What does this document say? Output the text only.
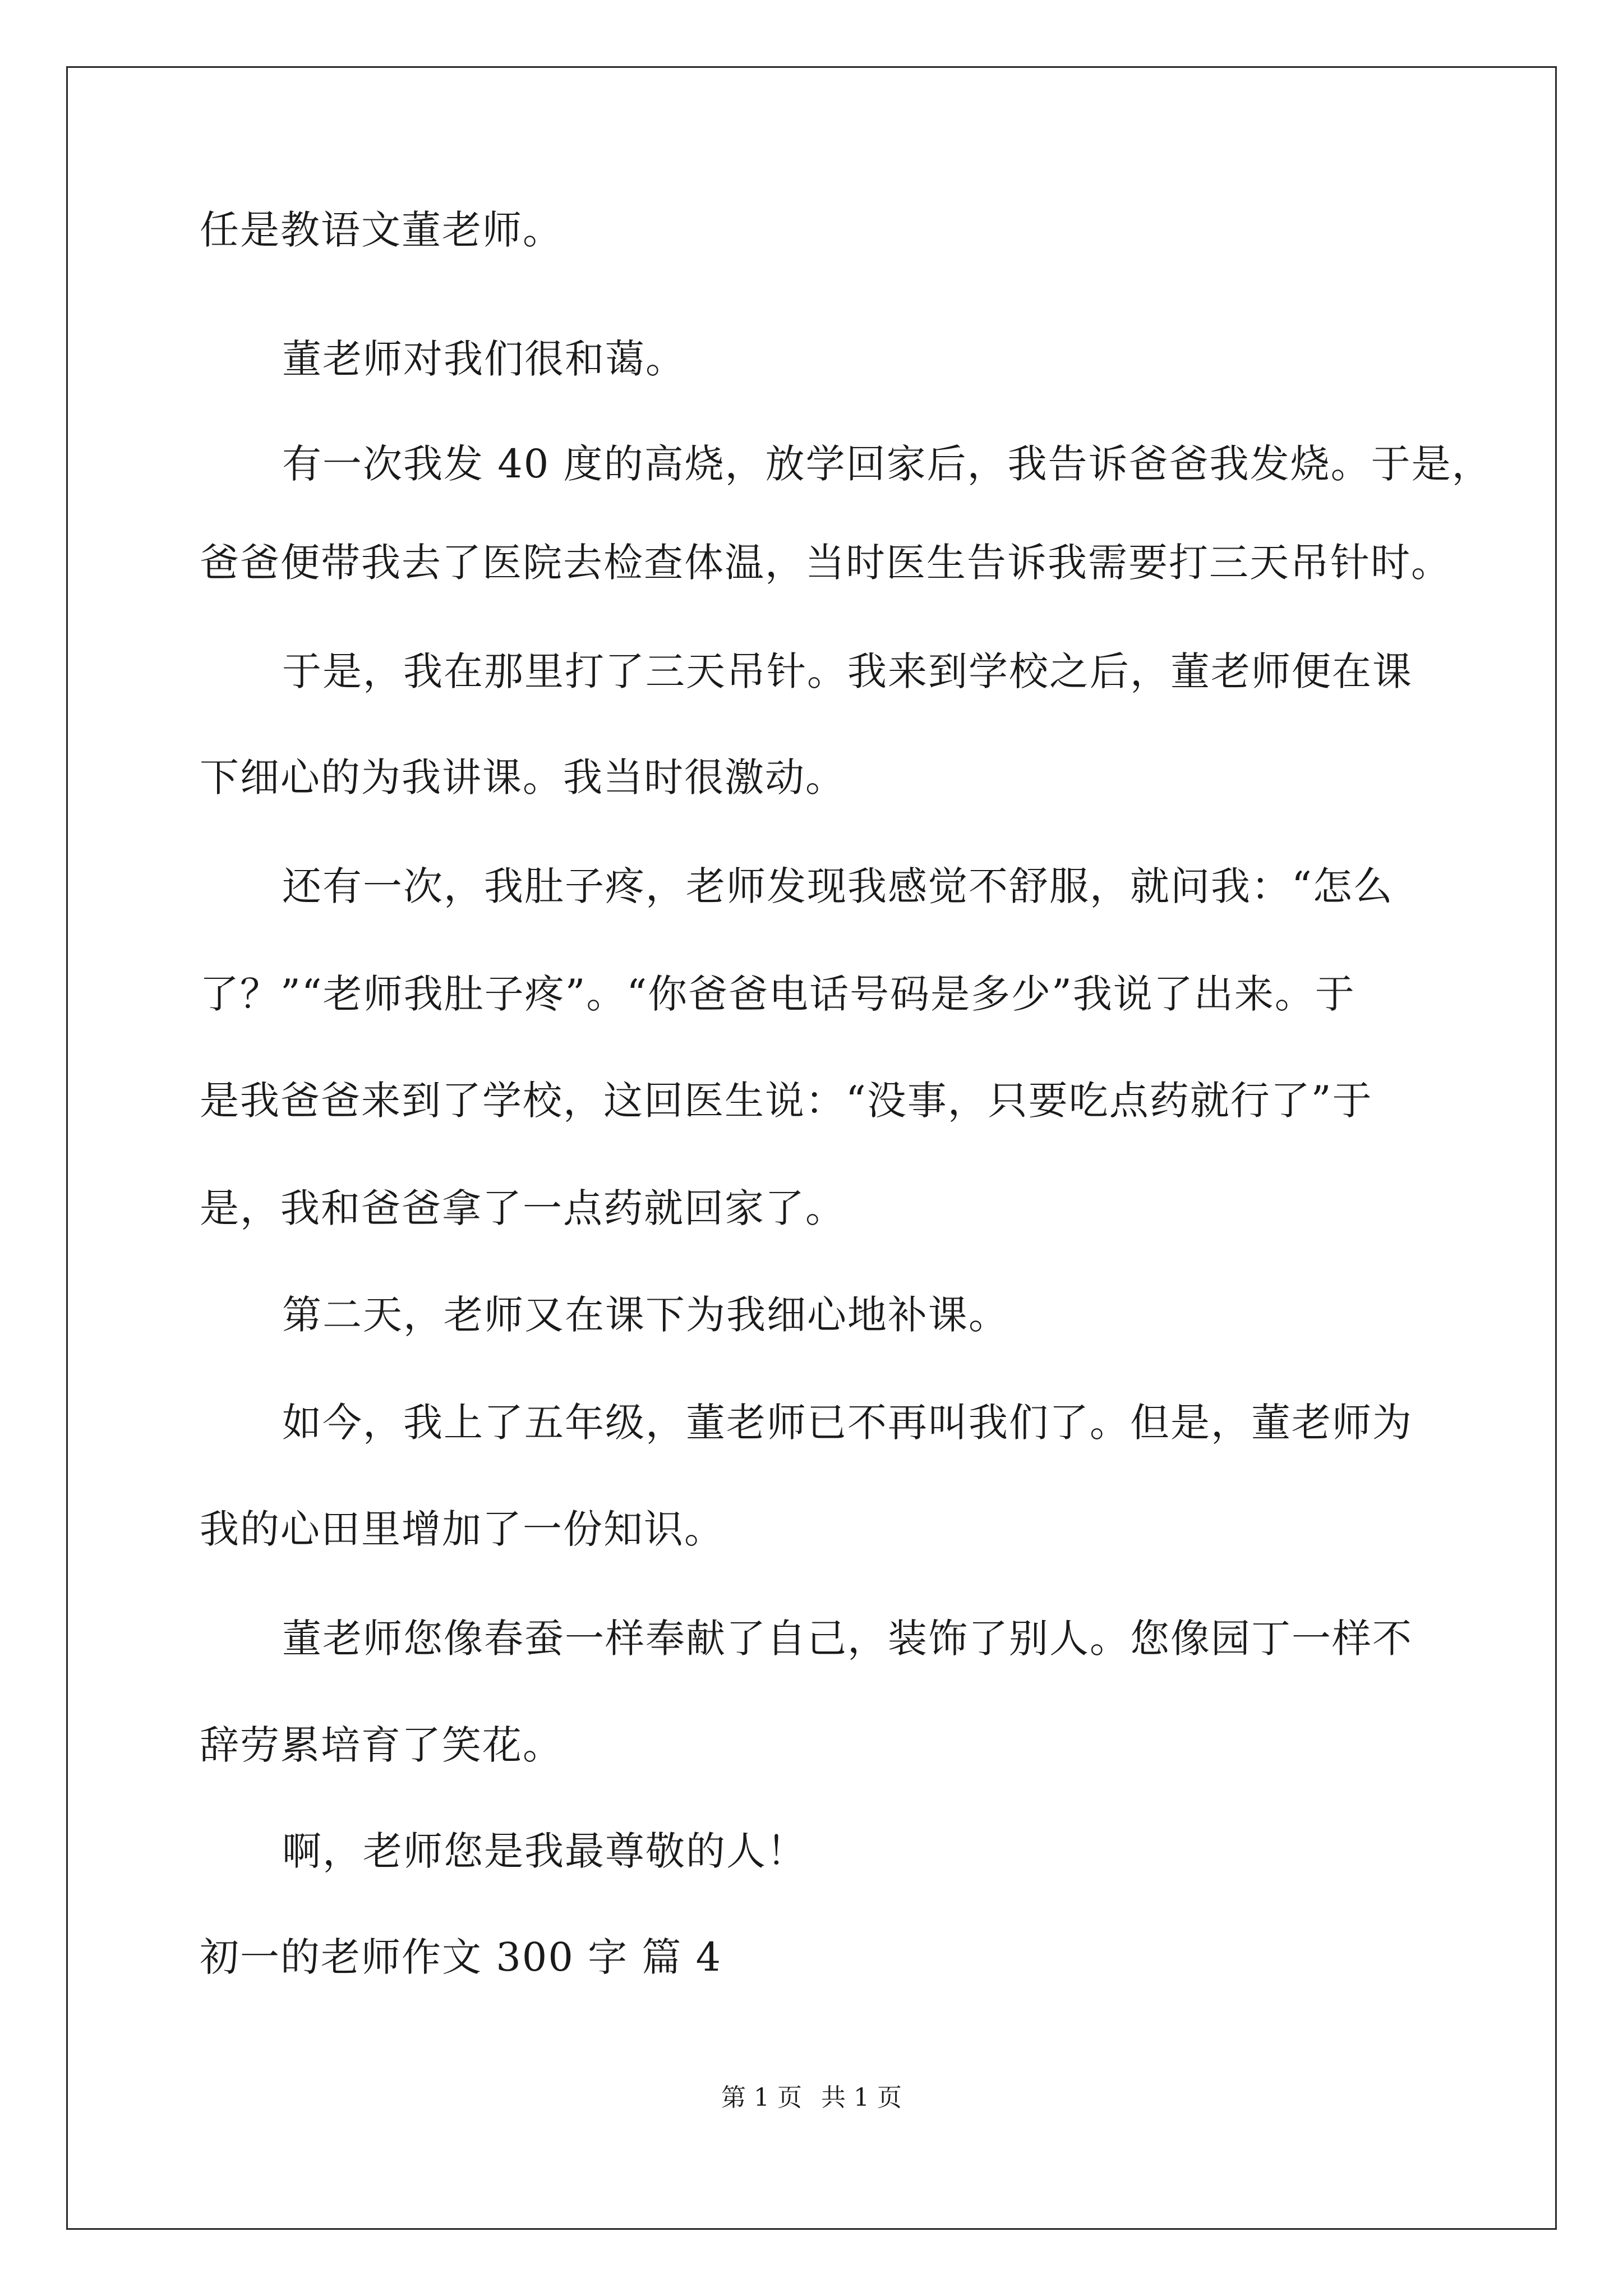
任是教语文董老师。
董老师对我们很和蔼。
有一次我发 40 度的高烧，放学回家后，我告诉爸爸我发烧。于是，
爸爸便带我去了医院去检查体温，当时医生告诉我需要打三天吊针时。
于是，我在那里打了三天吊针。我来到学校之后，董老师便在课
下细心的为我讲课。我当时很激动。
还有一次，我肚子疼，老师发现我感觉不舒服，就问我：“怎么
了？”“老师我肚子疼”。“你爸爸电话号码是多少”我说了出来。于
是我爸爸来到了学校，这回医生说：“没事，只要吃点药就行了”于
是，我和爸爸拿了一点药就回家了。
第二天，老师又在课下为我细心地补课。
如今，我上了五年级，董老师已不再叫我们了。但是，董老师为
我的心田里增加了一份知识。
董老师您像春蚕一样奉献了自己，装饰了别人。您像园丁一样不
辞劳累培育了笑花。
啊，老师您是我最尊敬的人！
初一的老师作文 300 字 篇 4
第 1 页 共 1 页
